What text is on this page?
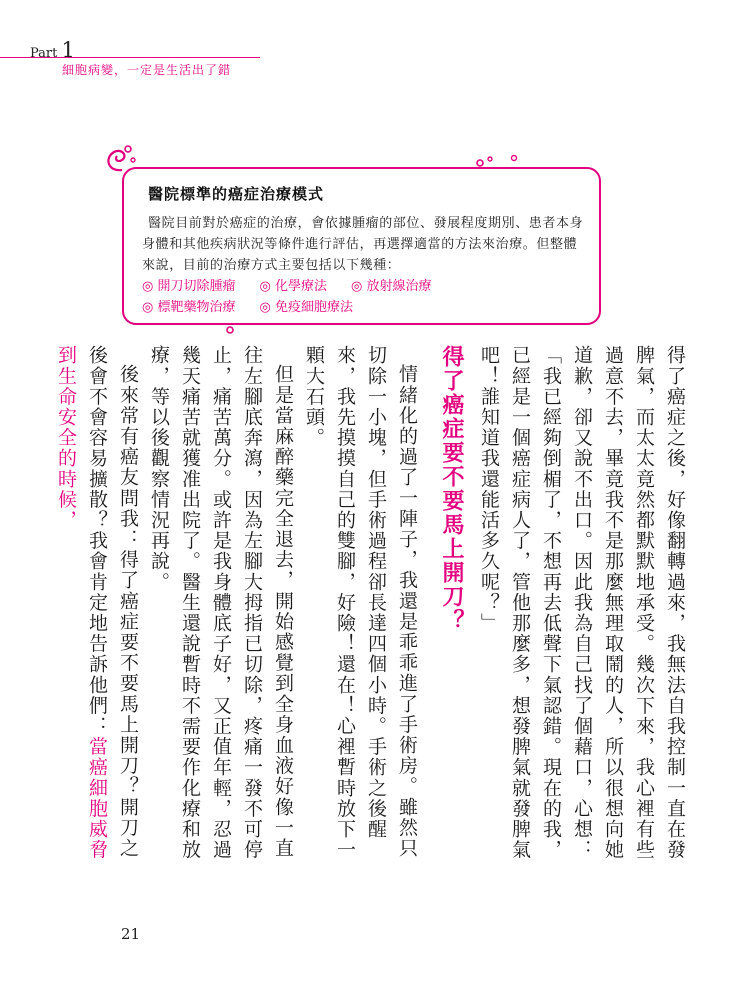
Part 1
細胞病變，一定是生活出了錯
醫院標準的癌症治療模式
醫院目前對於癌症的治療，會依據腫瘤的部位、發展程度期別、患者本身
身體和其他疾病狀況等條件進行評估，再選擇適當的方法來治療。但整體
來說，目前的治療方式主要包括以下幾種：
◎ 開刀切除腫瘤 ◎ 化學療法 ◎ 放射線治療
◎ 標靶藥物治療 ◎ 免疫細胞療法

得了癌症之後，好像翻轉過來，我無法自我控制一直在發脾氣，而太太竟然都默默地承受。幾次下來，我心裡有些過意不去，畢竟我不是那麼無理取鬧的人，所以很想向她道歉，卻又說不出口。因此我為自己找了個藉口，心想：「我已經夠倒楣了，不想再去低聲下氣認錯。現在的我，已經是一個癌症病人了，管他那麼多，想發脾氣就發脾氣吧！誰知道我還能活多久呢？」

得了癌症要不要馬上開刀？

情緒化的過了一陣子，我還是乖乖進了手術房。雖然只切除一小塊，但手術過程卻長達四個小時。手術之後醒來，我先摸摸自己的雙腳，好險！還在！心裡暫時放下一顆大石頭。

但是當麻醉藥完全退去，開始感覺到全身血液好像一直往左腳底奔瀉，因為左腳大拇指已切除，疼痛一發不可停止，痛苦萬分。或許是我身體底子好，又正值年輕，忍過幾天痛苦就獲准出院了。醫生還說暫時不需要作化療和放療，等以後觀察情況再說。

後來常有癌友問我：得了癌症要不要馬上開刀？開刀之後會不會容易擴散？我會肯定地告訴他們：當癌細胞威脅到生命安全的時候，

21
